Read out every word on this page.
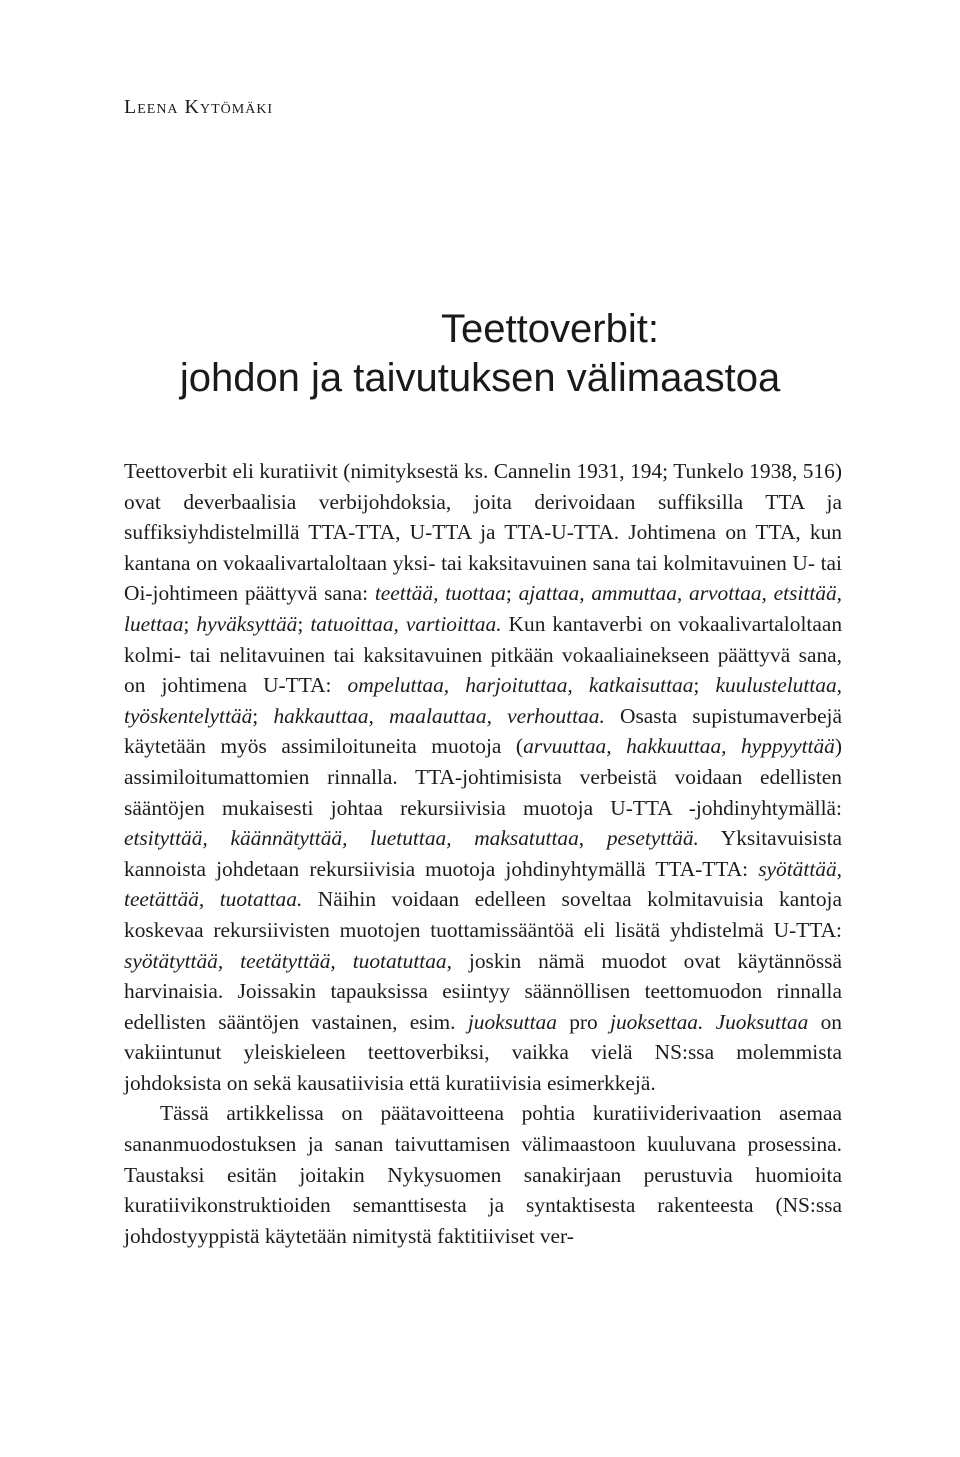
Leena Kytömäki
Teettoverbit:
johdon ja taivutuksen välimaastoa

Teettoverbit eli kuratiivit (nimityksestä ks. Cannelin 1931, 194; Tunkelo 1938, 516) ovat deverbaalisia verbijohdoksia, joita derivoidaan suffiksilla TTA ja suffiksiyhdistelmillä TTA-TTA, U-TTA ja TTA-U-TTA. Johtimena on TTA, kun kantana on vokaalivartaloltaan yksi- tai kaksitavuinen sana tai kolmitavuinen U- tai Oi-johtimeen päättyvä sana: teettää, tuottaa; ajattaa, ammuttaa, arvottaa, etsittää, luettaa; hyväksyttää; tatuoittaa, vartioittaa. Kun kantaverbi on vokaalivartaloltaan kolmi- tai nelitavuinen tai kaksitavuinen pitkään vokaaliainekseen päättyvä sana, on johtimena U-TTA: ompeluttaa, harjoituttaa, katkaisuttaa; kuulusteluttaa, työskentelyttää; hakkauttaa, maalauttaa, verhouttaa. Osasta supistumaverbejä käytetään myös assimiloituneita muotoja (arvuuttaa, hakkuuttaa, hyppyyttää) assimiloitumattomien rinnalla. TTA-johtimisista verbeistä voidaan edellisten sääntöjen mukaisesti johtaa rekursiivisia muotoja U-TTA -johdinyhtymällä: etsityttää, käännätyttää, luetuttaa, maksatuttaa, pesetyttää. Yksitavuisista kannoista johdetaan rekursiivisia muotoja johdinyhtymällä TTA-TTA: syötättää, teetättää, tuotattaa. Näihin voidaan edelleen soveltaa kolmitavuisia kantoja koskevaa rekursiivisten muotojen tuottamissääntöä eli lisätä yhdistelmä U-TTA: syötätyttää, teetätyttää, tuotatuttaa, joskin nämä muodot ovat käytännössä harvinaisia. Joissakin tapauksissa esiintyy säännöllisen teettomuodon rinnalla edellisten sääntöjen vastainen, esim. juoksuttaa pro juoksettaa. Juoksuttaa on vakiintunut yleiskieleen teettoverbiksi, vaikka vielä NS:ssa molemmista johdoksista on sekä kausatiivisia että kuratiivisia esimerkkejä.

Tässä artikkelissa on päätavoitteena pohtia kuratiividerivaation asemaa sananmuodostuksen ja sanan taivuttamisen välimaastoon kuuluvana prosessina. Taustaksi esitän joitakin Nykysuomen sanakirjaan perustuvia huomioita kuratiivikonstruktioiden semanttisesta ja syntaktisesta rakenteesta (NS:ssa johdostyyppistä käytetään nimitystä faktitiiviset ver-
